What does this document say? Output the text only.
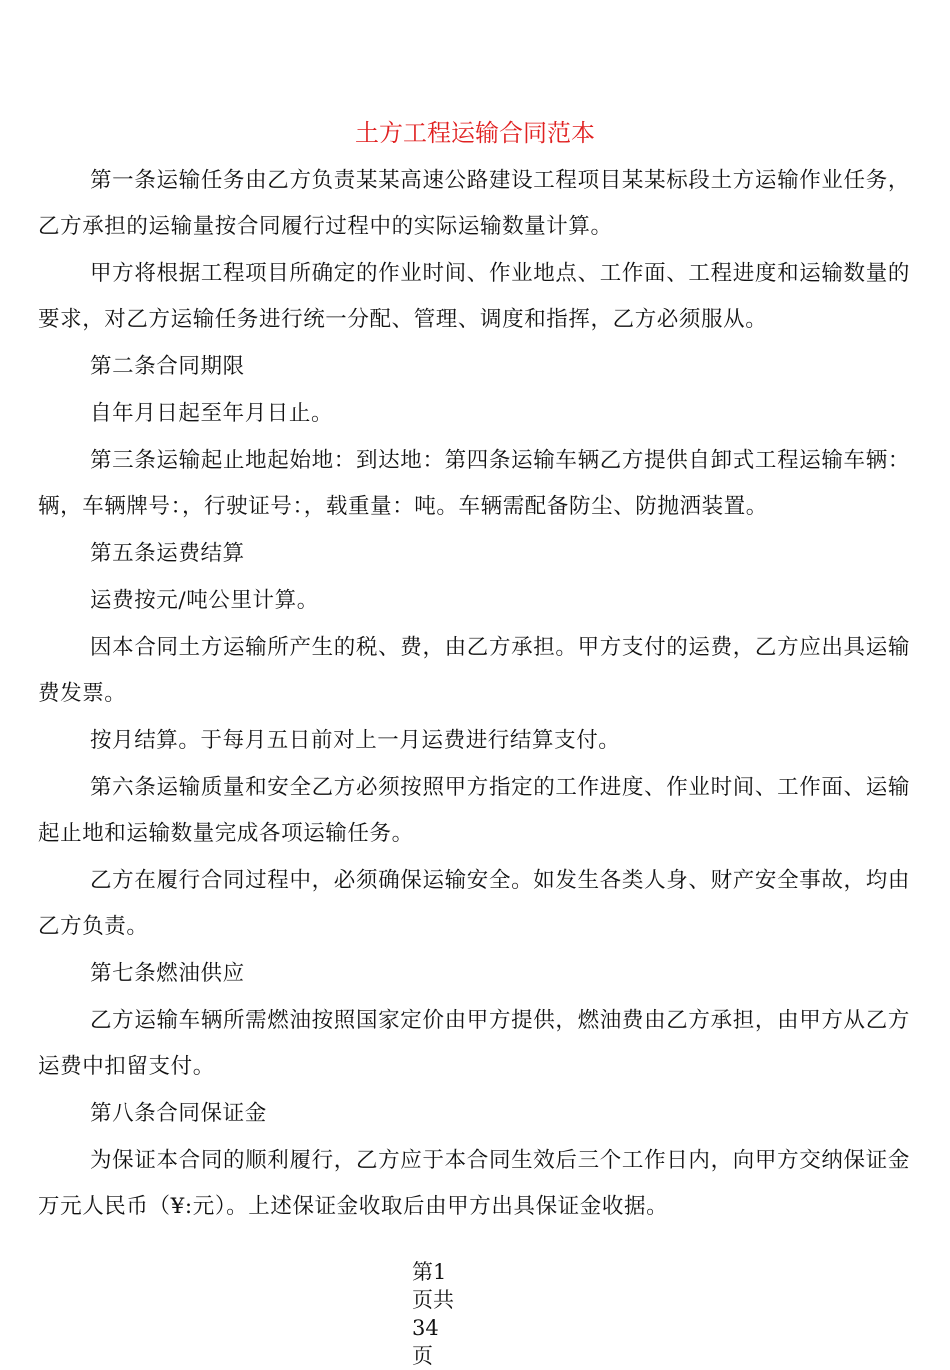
土方工程运输合同范本

第一条运输任务由乙方负责某某高速公路建设工程项目某某标段土方运输作业任务，乙方承担的运输量按合同履行过程中的实际运输数量计算。

甲方将根据工程项目所确定的作业时间、作业地点、工作面、工程进度和运输数量的要求，对乙方运输任务进行统一分配、管理、调度和指挥，乙方必须服从。

第二条合同期限

自年月日起至年月日止。

第三条运输起止地起始地：到达地：第四条运输车辆乙方提供自卸式工程运输车辆：辆，车辆牌号：，行驶证号：，载重量：吨。车辆需配备防尘、防抛洒装置。

第五条运费结算

运费按元/吨公里计算。

因本合同土方运输所产生的税、费，由乙方承担。甲方支付的运费，乙方应出具运输费发票。

按月结算。于每月五日前对上一月运费进行结算支付。

第六条运输质量和安全乙方必须按照甲方指定的工作进度、作业时间、工作面、运输起止地和运输数量完成各项运输任务。

乙方在履行合同过程中，必须确保运输安全。如发生各类人身、财产安全事故，均由乙方负责。

第七条燃油供应

乙方运输车辆所需燃油按照国家定价由甲方提供，燃油费由乙方承担，由甲方从乙方运费中扣留支付。

第八条合同保证金

为保证本合同的顺利履行，乙方应于本合同生效后三个工作日内，向甲方交纳保证金万元人民币（¥:元）。上述保证金收取后由甲方出具保证金收据。

第1
页共
34
页
